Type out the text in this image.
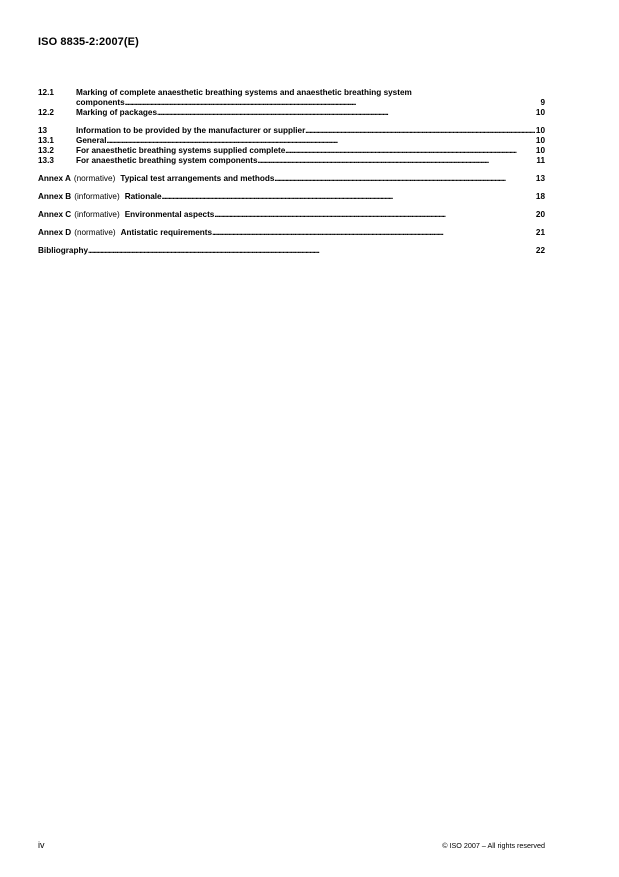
ISO 8835-2:2007(E)
12.1	Marking of complete anaesthetic breathing systems and anaesthetic breathing system
components . . .	9
12.2	Marking of packages . . .	10
13	Information to be provided by the manufacturer or supplier . . .	10
13.1	General . . .	10
13.2	For anaesthetic breathing systems supplied complete . . .	10
13.3	For anaesthetic breathing system components . . .	11
Annex A (normative) Typical test arrangements and methods . . .	13
Annex B (informative) Rationale . . .	18
Annex C (informative) Environmental aspects . . .	20
Annex D (normative) Antistatic requirements . . .	21
Bibliography . . .	22
iv	© ISO 2007 – All rights reserved
